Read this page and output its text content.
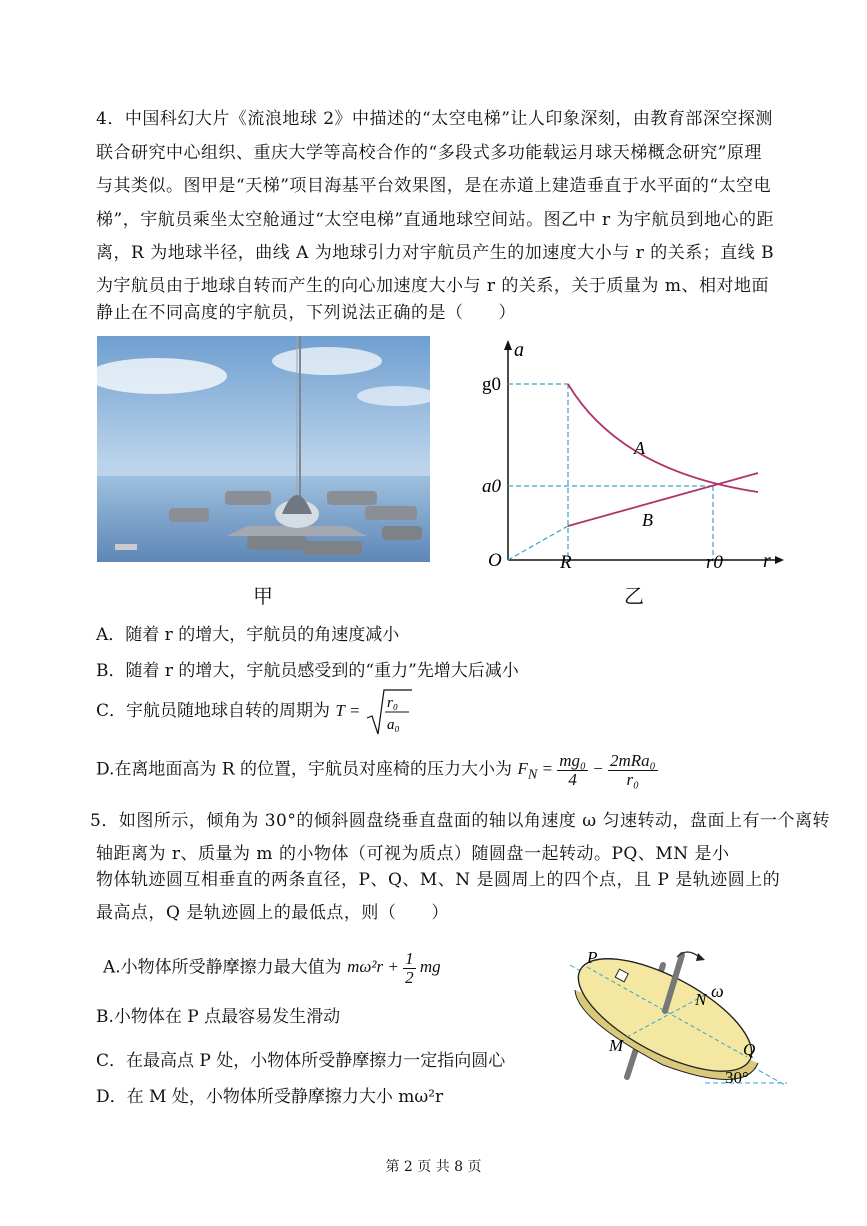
4．中国科幻大片《流浪地球 2》中描述的“太空电梯”让人印象深刻，由教育部深空探测
联合研究中心组织、重庆大学等高校合作的“多段式多功能载运月球天梯概念研究”原理
与其类似。图甲是“天梯”项目海基平台效果图，是在赤道上建造垂直于水平面的“太空电
梯”，宇航员乘坐太空舱通过“太空电梯”直通地球空间站。图乙中 r 为宇航员到地心的距
离，R 为地球半径，曲线 A 为地球引力对宇航员产生的加速度大小与 r 的关系；直线 B
为宇航员由于地球自转而产生的向心加速度大小与 r 的关系，关于质量为 m、相对地面
静止在不同高度的宇航员，下列说法正确的是（　　）
甲
a
r
O
g0
a0
R	r0
A
B
乙
A．随着 r 的增大，宇航员的角速度减小
B．随着 r 的增大，宇航员感受到的“重力”先增大后减小
C．宇航员随地球自转的周期为 T = r₀
a₀
D.在离地面高为 R 的位置，宇航员对座椅的压力大小为 $F_N = \frac{\text{mg₀}}{4} - \frac{\text{2mRa₀}}{\text{r₀}}$
5．如图所示，倾角为 30°的倾斜圆盘绕垂直盘面的轴以角速度 ω 匀速转动，盘面上有一个离转
轴距离为 r、质量为 m 的小物体（可视为质点）随圆盘一起转动。PQ、MN 是小
物体轨迹圆互相垂直的两条直径，P、Q、M、N 是圆周上的四个点，且 P 是轨迹圆上的
最高点，Q 是轨迹圆上的最低点，则（　　）
A.小物体所受静摩擦力最大值为 $m\omega^2r + \frac{1}{2}$ mg
B.小物体在 P 点最容易发生滑动
C．在最高点 P 处，小物体所受静摩擦力一定指向圆心
D．在 M 处，小物体所受静摩擦力大小 mω²r
P
Q
M
N ω
30°
第 2 页 共 8 页
